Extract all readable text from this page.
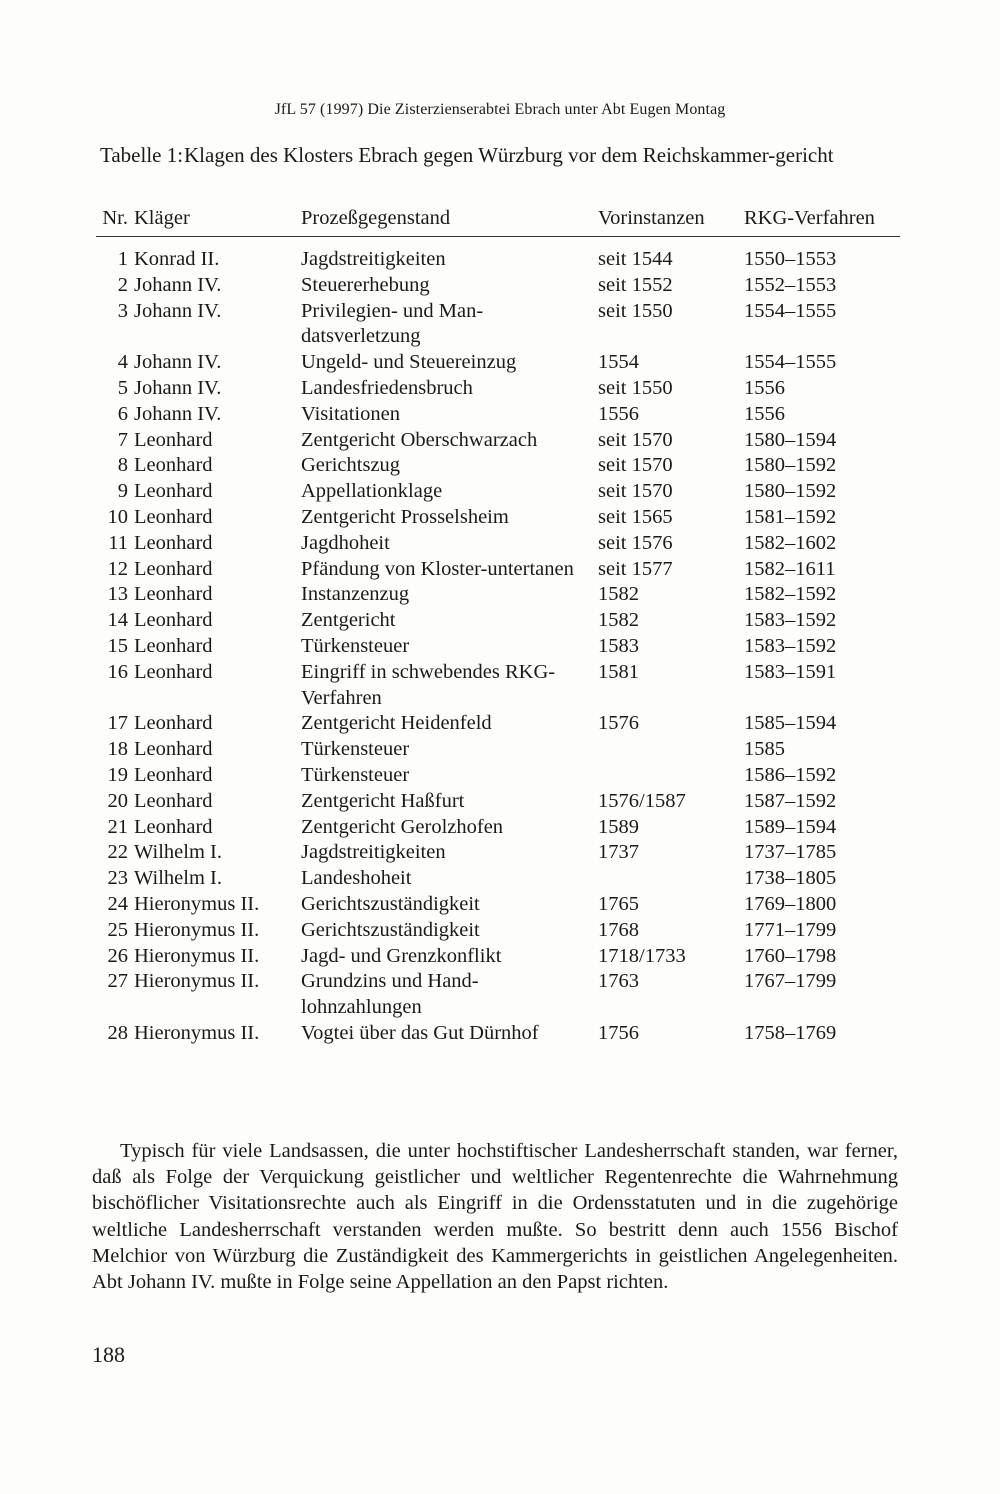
JfL 57 (1997) Die Zisterzienserabtei Ebrach unter Abt Eugen Montag
Tabelle 1: Klagen des Klosters Ebrach gegen Würzburg vor dem Reichskammer-gericht
Nr.	Kläger	Prozeßgegenstand	Vorinstanzen	RKG-Verfahren
1	Konrad II.	Jagdstreitigkeiten	seit 1544	1550–1553
2	Johann IV.	Steuererhebung	seit 1552	1552–1553
3	Johann IV.	Privilegien- und Man-datsverletzung	seit 1550	1554–1555
4	Johann IV.	Ungeld- und Steuereinzug	1554	1554–1555
5	Johann IV.	Landesfriedensbruch	seit 1550	1556
6	Johann IV.	Visitationen	1556	1556
7	Leonhard	Zentgericht Oberschwarzach	seit 1570	1580–1594
8	Leonhard	Gerichtszug	seit 1570	1580–1592
9	Leonhard	Appellationklage	seit 1570	1580–1592
10	Leonhard	Zentgericht Prosselsheim	seit 1565	1581–1592
11	Leonhard	Jagdhoheit	seit 1576	1582–1602
12	Leonhard	Pfändung von Kloster-untertanen	seit 1577	1582–1611
13	Leonhard	Instanzenzug	1582	1582–1592
14	Leonhard	Zentgericht	1582	1583–1592
15	Leonhard	Türkensteuer	1583	1583–1592
16	Leonhard	Eingriff in schwebendes RKG-Verfahren	1581	1583–1591
17	Leonhard	Zentgericht Heidenfeld	1576	1585–1594
18	Leonhard	Türkensteuer		1585
19	Leonhard	Türkensteuer		1586–1592
20	Leonhard	Zentgericht Haßfurt	1576/1587	1587–1592
21	Leonhard	Zentgericht Gerolzhofen	1589	1589–1594
22	Wilhelm I.	Jagdstreitigkeiten	1737	1737–1785
23	Wilhelm I.	Landeshoheit		1738–1805
24	Hieronymus II.	Gerichtszuständigkeit	1765	1769–1800
25	Hieronymus II.	Gerichtszuständigkeit	1768	1771–1799
26	Hieronymus II.	Jagd- und Grenzkonflikt	1718/1733	1760–1798
27	Hieronymus II.	Grundzins und Hand-lohnzahlungen	1763	1767–1799
28	Hieronymus II.	Vogtei über das Gut Dürnhof	1756	1758–1769
Typisch für viele Landsassen, die unter hochstiftischer Landesherrschaft standen, war ferner, daß als Folge der Verquickung geistlicher und weltlicher Regentenrechte die Wahrnehmung bischöflicher Visitationsrechte auch als Eingriff in die Ordensstatuten und in die zugehörige weltliche Landesherrschaft verstanden werden mußte. So bestritt denn auch 1556 Bischof Melchior von Würzburg die Zuständigkeit des Kammergerichts in geistlichen Angelegenheiten. Abt Johann IV. mußte in Folge seine Appellation an den Papst richten.
188
